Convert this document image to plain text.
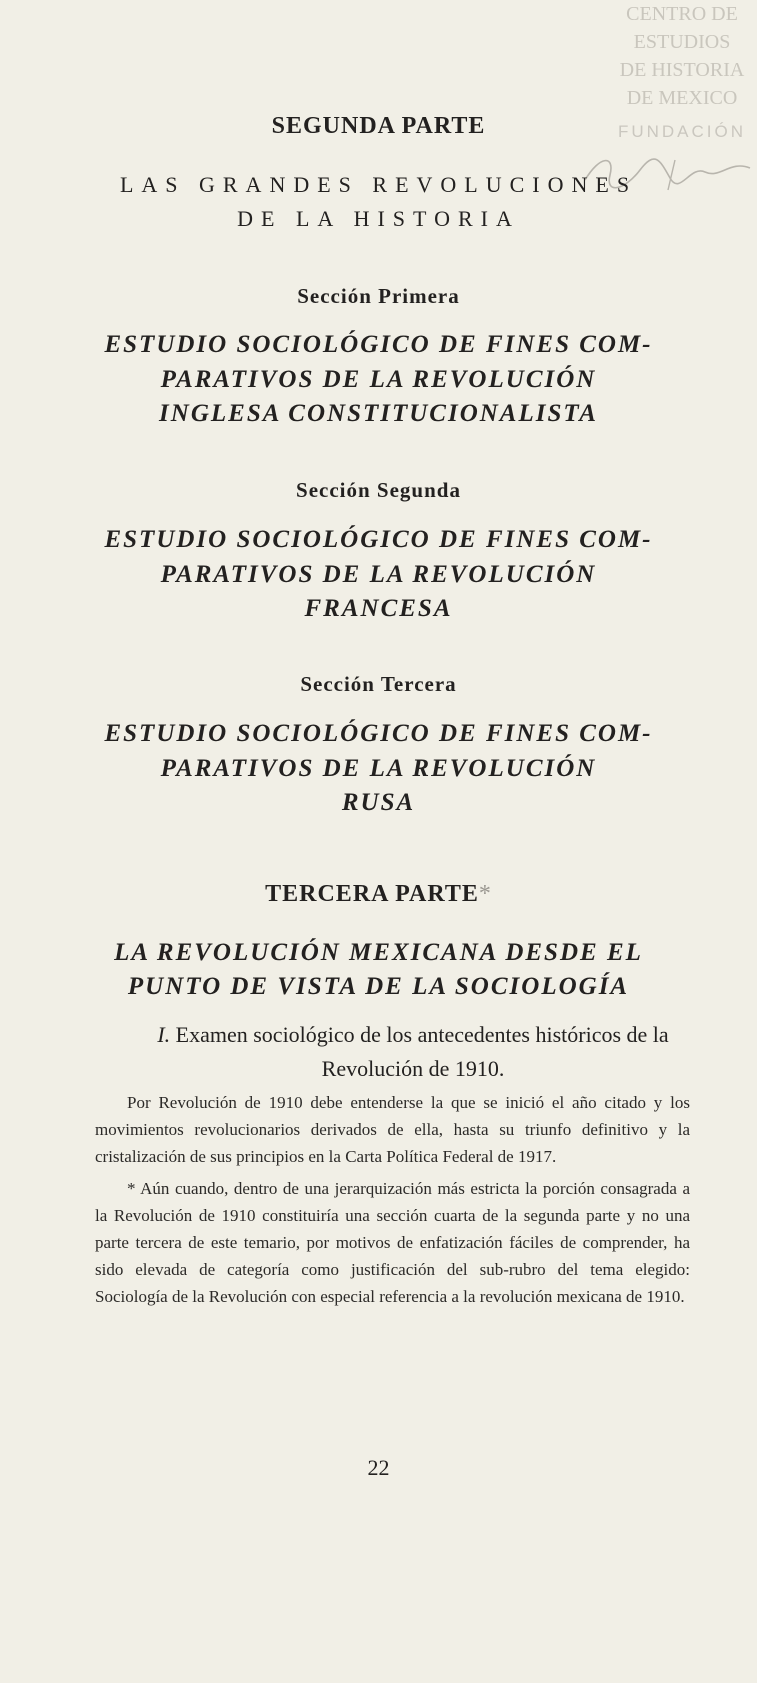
CENTRO DE
ESTUDIOS
DE HISTORIA
DE MEXICO
FUNDACIÓN
SEGUNDA PARTE
LAS GRANDES REVOLUCIONES
DE LA HISTORIA
Sección Primera
ESTUDIO SOCIOLÓGICO DE FINES COM-
PARATIVOS DE LA REVOLUCIÓN
INGLESA CONSTITUCIONALISTA
Sección Segunda
ESTUDIO SOCIOLÓGICO DE FINES COM-
PARATIVOS DE LA REVOLUCIÓN
FRANCESA
Sección Tercera
ESTUDIO SOCIOLÓGICO DE FINES COM-
PARATIVOS DE LA REVOLUCIÓN
RUSA
TERCERA PARTE*
LA REVOLUCIÓN MEXICANA DESDE EL
PUNTO DE VISTA DE LA SOCIOLOGÍA
I. Examen sociológico de los antecedentes históricos de la Revolución de 1910.

Por Revolución de 1910 debe entenderse la que se inició el año citado y los movimientos revolucionarios derivados de ella, hasta su triunfo definitivo y la cristalización de sus principios en la Carta Política Federal de 1917.

* Aún cuando, dentro de una jerarquización más estricta la porción consagrada a la Revolución de 1910 constituiría una sección cuarta de la segunda parte y no una parte tercera de este temario, por motivos de enfatización fáciles de comprender, ha sido elevada de categoría como justificación del sub-rubro del tema elegido: Sociología de la Revolución con especial referencia a la revolución mexicana de 1910.

22
